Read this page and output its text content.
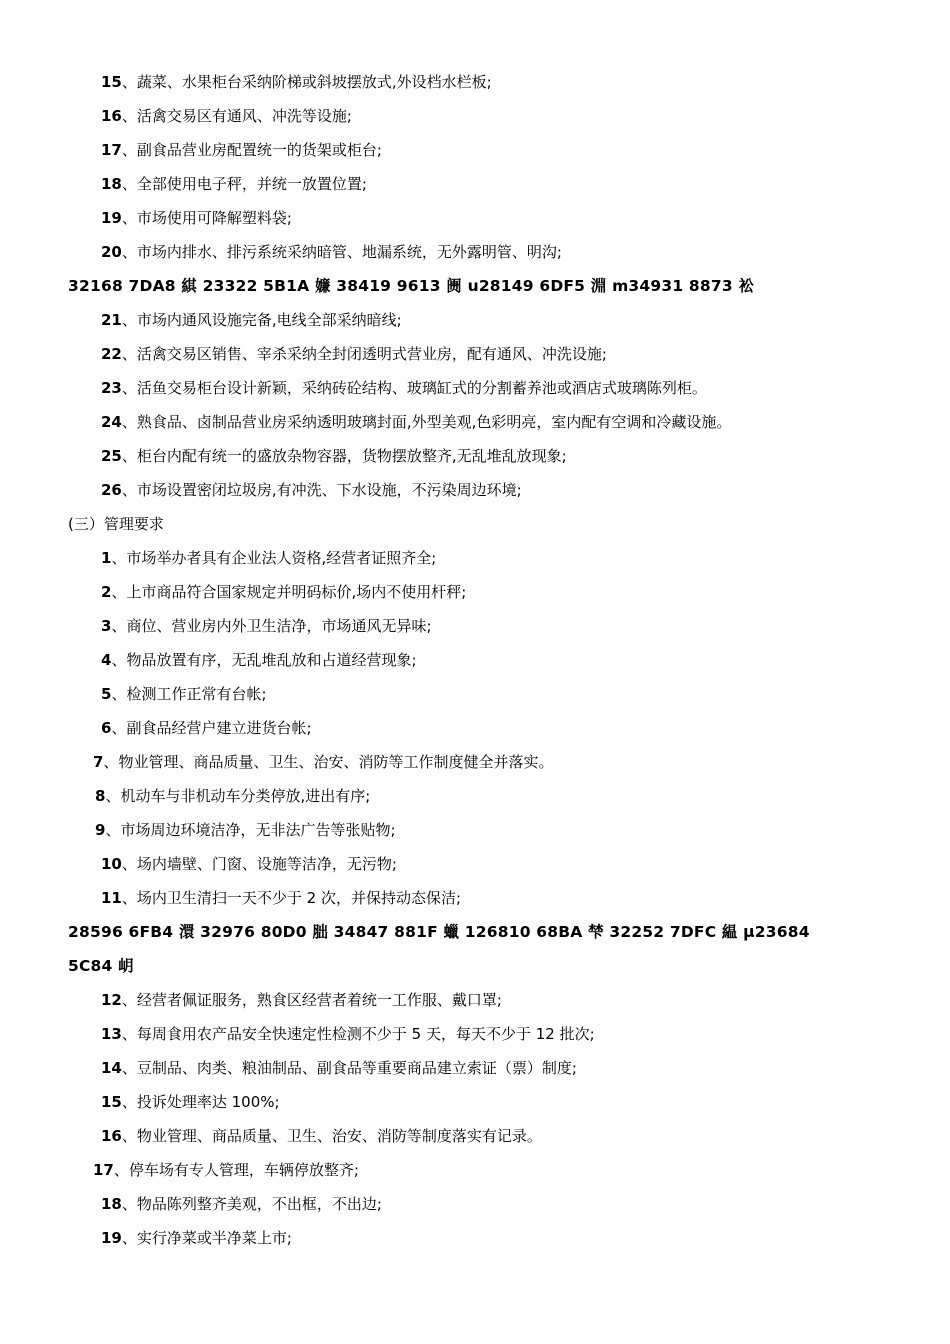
15、蔬菜、水果柜台采纳阶梯或斜坡摆放式,外设档水栏板;
16、活禽交易区有通风、冲洗等设施;
17、副食品营业房配置统一的货架或柜台;
18、全部使用电子秤，并统一放置位置;
19、市场使用可降解塑料袋;
20、市场内排水、排污系统采纳暗管、地漏系统，无外露明管、明沟;
32168 7DA8 綨 23322 5B1A 嬚 38419 9613 阓 u28149 6DF5 淵 m34931 8873 衳
21、市场内通风设施完备,电线全部采纳暗线;
22、活禽交易区销售、宰杀采纳全封闭透明式营业房，配有通风、冲洗设施;
23、活鱼交易柜台设计新颖，采纳砖砼结构、玻璃缸式的分割蓄养池或酒店式玻璃陈列柜。
24、熟食品、卤制品营业房采纳透明玻璃封面,外型美观,色彩明亮，室内配有空调和冷藏设施。
25、柜台内配有统一的盛放杂物容器，货物摆放整齐,无乱堆乱放现象;
26、市场设置密闭垃圾房,有冲洗、下水设施，不污染周边环境;
(三）管理要求
1、市场举办者具有企业法人资格,经营者证照齐全;
2、上市商品符合国家规定并明码标价,场内不使用杆秤;
3、商位、营业房内外卫生洁净，市场通风无异味;
4、物品放置有序，无乱堆乱放和占道经营现象;
5、检测工作正常有台帐;
6、副食品经营户建立进货台帐;
7、物业管理、商品质量、卫生、治安、消防等工作制度健全并落实。
8、机动车与非机动车分类停放,进出有序;
9、市场周边环境洁净，无非法广告等张贴物;
10、场内墙壁、门窗、设施等洁净，无污物;
11、场内卫生清扫一天不少于 2 次，并保持动态保洁;
28596 6FB4 澴 32976 80D0 胐 34847 881F 蠟 126810 68BA 梺 32252 7DFC 緼 μ23684
5C84 岄
12、经营者佩证服务，熟食区经营者着统一工作服、戴口罩;
13、每周食用农产品安全快速定性检测不少于 5 天，每天不少于 12 批次;
14、豆制品、肉类、粮油制品、副食品等重要商品建立索证（票）制度;
15、投诉处理率达 100%;
16、物业管理、商品质量、卫生、治安、消防等制度落实有记录。
17、停车场有专人管理，车辆停放整齐;
18、物品陈列整齐美观，不出框，不出边;
19、实行净菜或半净菜上市;
